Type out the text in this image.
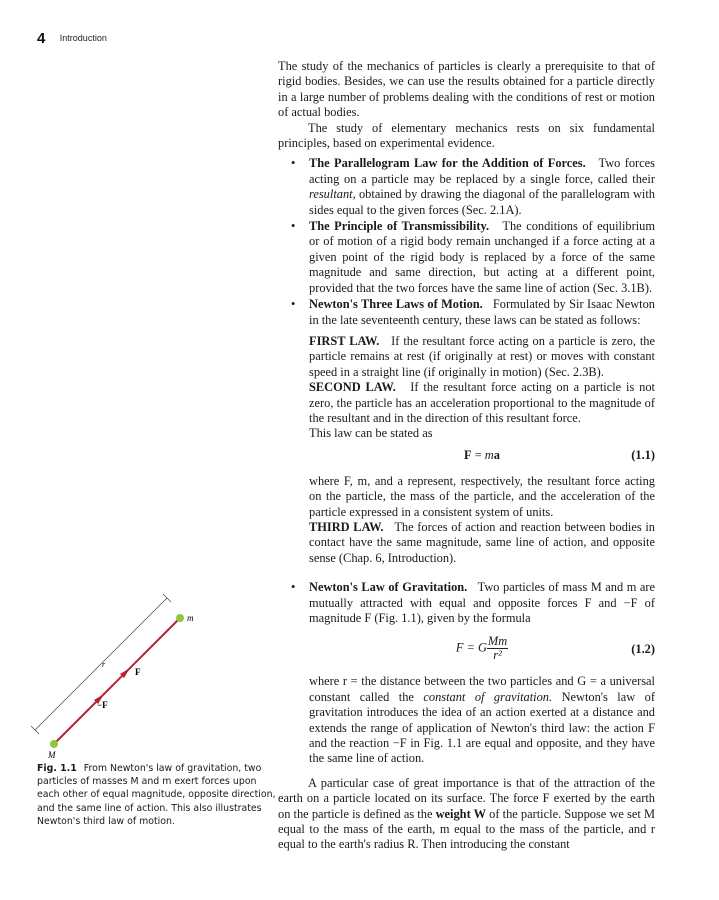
4 Introduction

The study of the mechanics of particles is clearly a prerequisite to that of rigid bodies. Besides, we can use the results obtained for a particle directly in a large number of problems dealing with the conditions of rest or motion of actual bodies.

The study of elementary mechanics rests on six fundamental principles, based on experimental evidence.

• The Parallelogram Law for the Addition of Forces. Two forces acting on a particle may be replaced by a single force, called their resultant, obtained by drawing the diagonal of the parallelogram with sides equal to the given forces (Sec. 2.1A).
• The Principle of Transmissibility. The conditions of equilibrium or of motion of a rigid body remain unchanged if a force acting at a given point of the rigid body is replaced by a force of the same magnitude and same direction, but acting at a different point, provided that the two forces have the same line of action (Sec. 3.1B).
• Newton's Three Laws of Motion. Formulated by Sir Isaac Newton in the late seventeenth century, these laws can be stated as follows:

FIRST LAW. If the resultant force acting on a particle is zero, the particle remains at rest (if originally at rest) or moves with constant speed in a straight line (if originally in motion) (Sec. 2.3B).

SECOND LAW. If the resultant force acting on a particle is not zero, the particle has an acceleration proportional to the magnitude of the resultant and in the direction of this resultant force.

This law can be stated as

F = ma	(1.1)

where F, m, and a represent, respectively, the resultant force acting on the particle, the mass of the particle, and the acceleration of the particle expressed in a consistent system of units.

THIRD LAW. The forces of action and reaction between bodies in contact have the same magnitude, same line of action, and opposite sense (Chap. 6, Introduction).

• Newton's Law of Gravitation. Two particles of mass M and m are mutually attracted with equal and opposite forces F and −F of magnitude F (Fig. 1.1), given by the formula
F = G $\frac{Mm}{\text{r²}}$	(1.2)

where r = the distance between the two particles and G = a universal constant called the constant of gravitation. Newton's law of gravitation introduces the idea of an action exerted at a distance and extends the range of application of Newton's third law: the action F and the reaction −F in Fig. 1.1 are equal and opposite, and they have the same line of action.

A particular case of great importance is that of the attraction of the earth on a particle located on its surface. The force F exerted by the earth on the particle is defined as the weight W of the particle. Suppose we set M equal to the mass of the earth, m equal to the mass of the particle, and r equal to the earth's radius R. Then introducing the constant

m
M
F
−F
r
Fig. 1.1 From Newton's law of gravitation, two particles of masses M and m exert forces upon each other of equal magnitude, opposite direction, and the same line of action. This also illustrates Newton's third law of motion.
